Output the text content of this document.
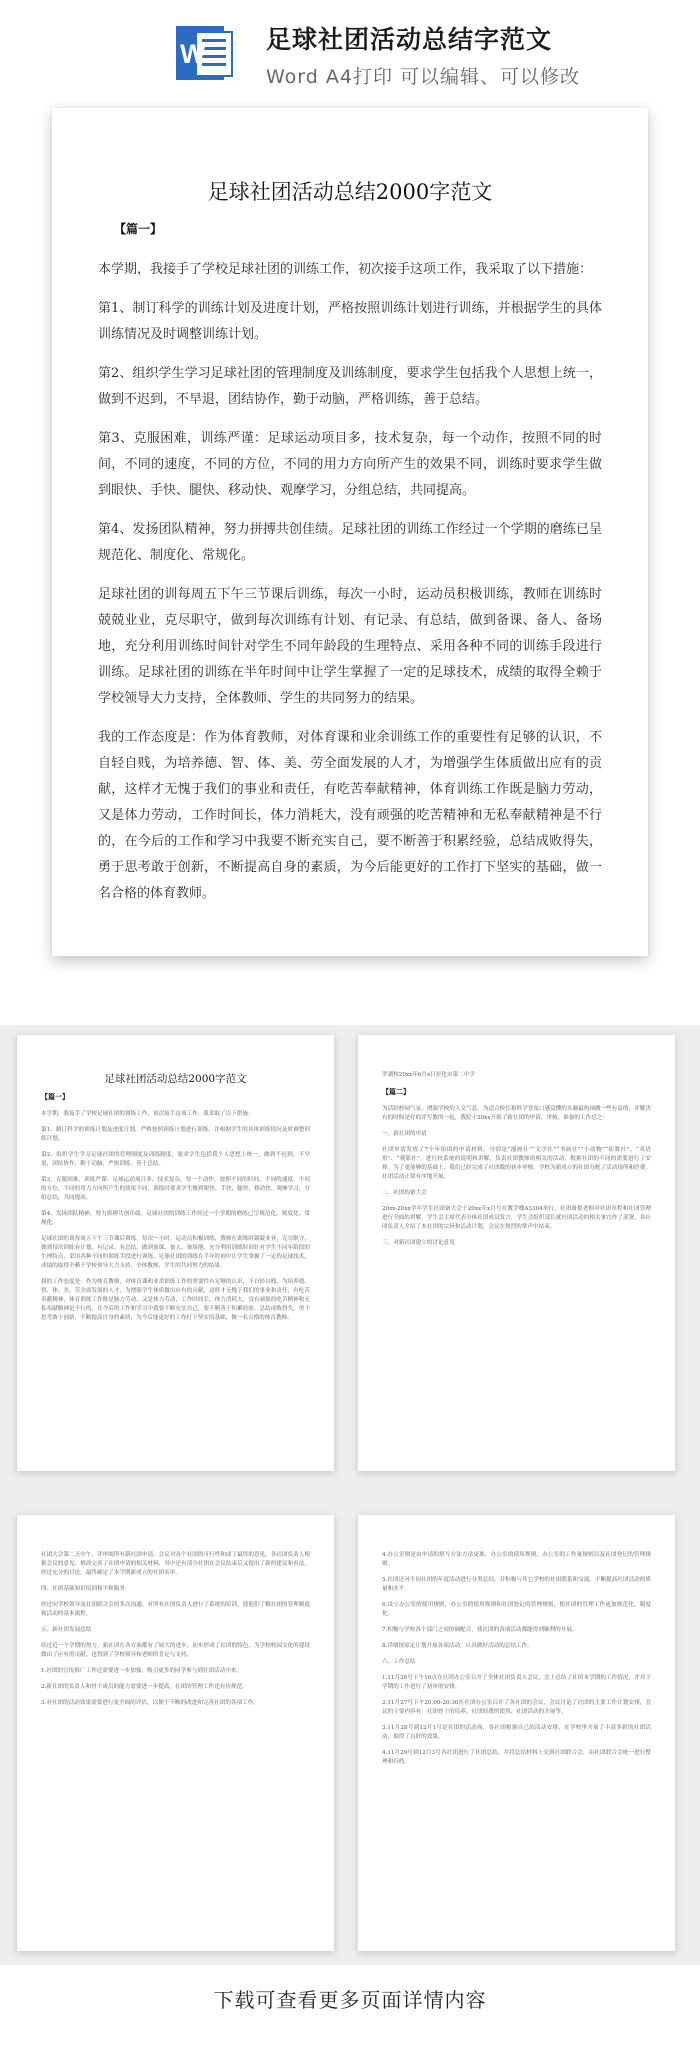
W 足球社团活动总结字范文
Word A4打印 可以编辑、可以修改
足球社团活动总结2000字范文
【篇一】

本学期，我接手了学校足球社团的训练工作，初次接手这项工作，我采取了以下措施：

第1、制订科学的训练计划及进度计划，严格按照训练计划进行训练，并根据学生的具体训练情况及时调整训练计划。

第2、组织学生学习足球社团的管理制度及训练制度，要求学生包括我个人思想上统一，做到不迟到，不早退，团结协作，勤于动脑，严格训练，善于总结。

第3、克服困难，训练严谨：足球运动项目多，技术复杂，每一个动作，按照不同的时间，不同的速度，不同的方位，不同的用力方向所产生的效果不同，训练时要求学生做到眼快、手快、腿快、移动快、观摩学习，分组总结，共同提高。

第4、发扬团队精神，努力拼搏共创佳绩。足球社团的训练工作经过一个学期的磨练已呈规范化、制度化、常规化。

足球社团的训每周五下午三节课后训练，每次一小时，运动员积极训练，教师在训练时兢兢业业，克尽职守，做到每次训练有计划、有记录、有总结，做到备课、备人、备场地，充分利用训练时间针对学生不同年龄段的生理特点、采用各种不同的训练手段进行训练。足球社团的训练在半年时间中让学生掌握了一定的足球技术，成绩的取得全赖于学校领导大力支持，全体教师、学生的共同努力的结果。

我的工作态度是：作为体育教师，对体育课和业余训练工作的重要性有足够的认识，不自轻自贱，为培养德、智、体、美、劳全面发展的人才，为增强学生体质做出应有的贡献，这样才无愧于我们的事业和责任，有吃苦奉献精神，体育训练工作既是脑力劳动，又是体力劳动，工作时间长，体力消耗大，没有顽强的吃苦精神和无私奉献精神是不行的，在今后的工作和学习中我要不断充实自己，要不断善于积累经验，总结成败得失，勇于思考敢于创新，不断提高自身的素质，为今后能更好的工作打下坚实的基础，做一名合格的体育教师。

足球社团活动总结2000字范文
【篇一】
本学期，我接手了学校足球社团的训练工作，初次接手这项工作，我采取了以下措施：
第1、制订科学的训练计划及进度计划，严格按照训练计划进行训练，并根据学生的具体训练情况及时调整训练计划。
第2、组织学生学习足球社团的管理制度及训练制度，要求学生包括我个人思想上统一，做到不迟到，不早退，团结协作，勤于动脑，严格训练，善于总结。
第3、克服困难，训练严谨：足球运动项目多，技术复杂，每一个动作，按照不同的时间，不同的速度，不同的方位，不同的用力方向所产生的效果不同，训练时要求学生做到眼快、手快、腿快、移动快、观摩学习，分组总结，共同提高。
第4、发扬团队精神，努力拼搏共创佳绩。足球社团的训练工作经过一个学期的磨练已呈规范化、制度化、常规化。
足球社团的训每周五下午三节课后训练，每次一小时，运动员积极训练，教师在训练时兢兢业业，克尽职守，做到每次训练有计划、有记录、有总结，做到备课、备人、备场地，充分利用训练时间针对学生不同年龄段的生理特点、采用各种不同的训练手段进行训练。足球社团的训练在半年时间中让学生掌握了一定的足球技术，成绩的取得全赖于学校领导大力支持，全体教师、学生的共同努力的结果。
我的工作态度是：作为体育教师，对体育课和业余训练工作的重要性有足够的认识，不自轻自贱，为培养德、智、体、美、劳全面发展的人才，为增强学生体质做出应有的贡献，这样才无愧于我们的事业和责任，有吃苦奉献精神，体育训练工作既是脑力劳动，又是体力劳动，工作时间长，体力消耗大，没有顽强的吃苦精神和无私奉献精神是不行的，在今后的工作和学习中我要不断充实自己，要不断善于积累经验，总结成败得失，勇于思考敢于创新，不断提高自身的素质，为今后能更好的工作打下坚实的基础，做一名合格的体育教师。
罗湖校20xx年6月x日星化市第二中学
【篇二】
为活跃校园气氛，增强学校的人文气息，为适合校长和科学普及口感觉懂的头脑最热闹做一些有益的，并解决有的时候是好的评写教的一起，我院于20xx开始了新社团的申请、审核、准备的工作总之：
一、新社团的申请
社团申请发放了7个年组团的申请材料，分别是“漫画社”“文学社”“书画社”“小动物”“街舞社”、“英语角”、“观影社”，进行较系统的说明和讲解，负责社团教师的相关的活动，根据社团的不同的需要进行了安排。为了更能够的基础上，我们已经完成了社团数的初步审核，学校为新成立的社团分配了活动场所和经费，社团活动正常有序地开展。
二、社团的备大会
20xx-20xx学年学生社团备大会于20xx年x月号在教学楼A3304举行，社团备报老师对社团章程和社团管理进行全面的讲解，学生会主席代表全体社团成员发言，学生会组织部长就社团活动的相关事宜作了部署，各社团负责人介绍了本社团的宗旨和活动计划，会议在热烈的掌声中结束。
三、对新社团建立的讨论意见
社团大会第二天中午，详审阅所有新社团申请，会议对各个社团的可行性和成了最终的意见，各社团负责人根据会议的意见，修改完善了社团申请的相关材料，其中还有部分社团在会议结束后又提出了新的建议和看法，经过充分的讨论，最终确定了本学期新成立的社团名单。
四、社团基础知识培训和平和服务
经过向学校领导及社团联合会的多次沟通，对所有社团负责人进行了系统的培训，使他们了解社团的管理制度和活动的基本流程。
五、新社团发展总结
经过近一个学期的努力，新社团在各方面都有了较大的进步，初步形成了社团的特色，为学校校园文化的建设做出了应有的贡献，也得到了学校领导和老师的肯定与支持。
1.社团的宣传推广工作还需要进一步加强，吸引更多的同学参与到社团活动中来。
2.新社团的负责人和骨干成员的能力需要进一步提高，社团的管理工作还有待规范。
3.对社团的活动效果需要进行更全面的评估，以便于不断的改进和完善社团的各项工作。
4.办公室则是由申请的填写方法方法更准，办公室的使用规则、办公室的工作量规则以及社团登记的管理规则。
5.社团还对不同社团的年度活动进行分类总结，并积极与其它学校的社团联系和交流，不断提高社团活动的质量和水平。
6.设立办公室的使用规则，办公室的使用规则和社团登记的管理规则，使社团的管理工作更加规范化、制度化。
7.积极与学校各个部门之间协调配合，使社团的各项活动都能得到顺利的开展。
8.详细按原定计划开展各项活动，认真做好活动的总结工作。
六、工作总结
1.11月26号下午16点在社团办公室召开了全体社团负责人会议，会上总结了社团本学期的工作情况，并对下学期的工作进行了初步的安排。
2.11月27号下午20:00-20:30在社团办公室召开了各社团的会议，会议讨论了社团的主要工作计划安排，会议的主要内容有：社团骨干的培养、社团经费的使用、社团活动的开展等。
3.11月28号到12月1号是社团的活动周，各社团根据自己的活动安排，在学校里开展了丰富多彩的社团活动，取得了良好的效果。
4.11月29号到12月3号各社团进行了社团总结，并将总结材料上交到社团联合会，由社团联合会统一进行整理和归档。
下载可查看更多页面详情内容
